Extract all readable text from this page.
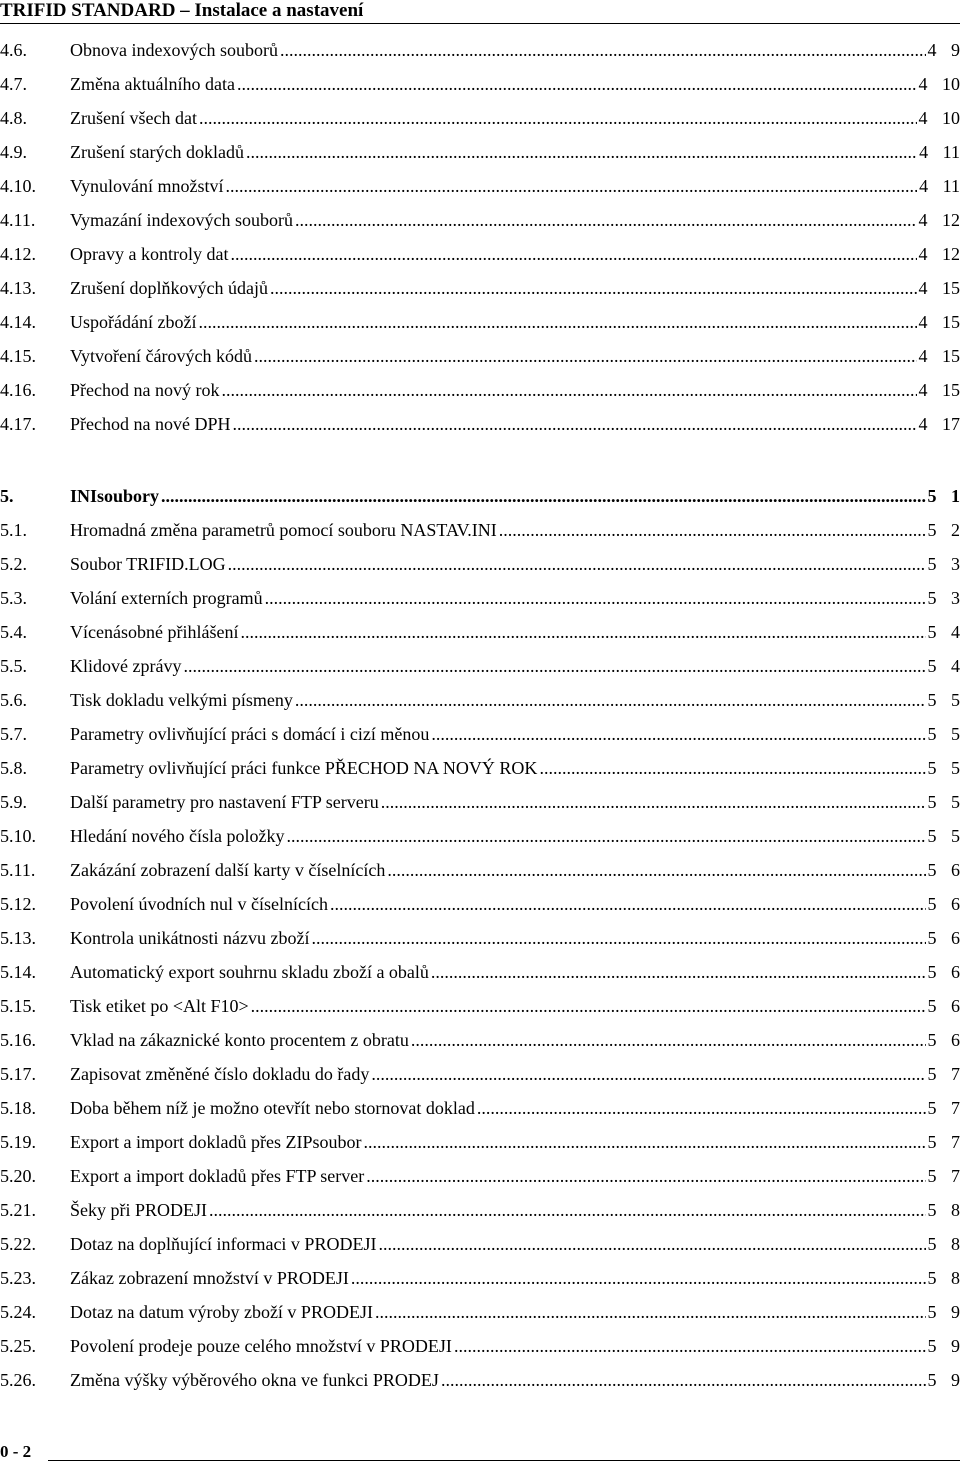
TRIFID STANDARD – Instalace a nastavení
4.6. Obnova indexových souborů .....	4 9
4.7. Změna aktuálního data .....	4 10
4.8. Zrušení všech dat .....	4 10
4.9. Zrušení starých dokladů .....	4 11
4.10. Vynulování množství .....	4 11
4.11. Vymazání indexových souborů .....	4 12
4.12. Opravy a kontroly dat .....	4 12
4.13. Zrušení doplňkových údajů .....	4 15
4.14. Uspořádání zboží .....	4 15
4.15. Vytvoření čárových kódů .....	4 15
4.16. Přechod na nový rok .....	4 15
4.17. Přechod na nové DPH .....	4 17
5.	INIsoubory .....	5 1
5.1. Hromadná změna parametrů pomocí souboru NASTAV.INI .....	5 2
5.2. Soubor TRIFID.LOG .....	5 3
5.3. Volání externích programů .....	5 3
5.4. Vícenásobné přihlášení .....	5 4
5.5. Klidové zprávy .....	5 4
5.6. Tisk dokladu velkými písmeny .....	5 5
5.7. Parametry ovlivňující práci s domácí i cizí měnou .....	5 5
5.8. Parametry ovlivňující práci funkce PŘECHOD NA NOVÝ ROK .....	5 5
5.9. Další parametry pro nastavení FTP serveru .....	5 5
5.10. Hledání nového čísla položky .....	5 5
5.11. Zakázání zobrazení další karty v číselnících .....	5 6
5.12. Povolení úvodních nul v číselnících .....	5 6
5.13. Kontrola unikátnosti názvu zboží .....	5 6
5.14. Automatický export souhrnu skladu zboží a obalů .....	5 6
5.15. Tisk etiket po <Alt F10> .....	5 6
5.16. Vklad na zákaznické konto procentem z obratu .....	5 6
5.17. Zapisovat změněné číslo dokladu do řady .....	5 7
5.18. Doba během níž je možno otevřít nebo stornovat doklad .....	5 7
5.19. Export a import dokladů přes ZIPsoubor .....	5 7
5.20. Export a import dokladů přes FTP server .....	5 7
5.21. Šeky při PRODEJI .....	5 8
5.22. Dotaz na doplňující informaci v PRODEJI .....	5 8
5.23. Zákaz zobrazení množství v PRODEJI .....	5 8
5.24. Dotaz na datum výroby zboží v PRODEJI .....	5 9
5.25. Povolení prodeje pouze celého množství v PRODEJI .....	5 9
5.26. Změna výšky výběrového okna ve funkci PRODEJ .....	5 9
0 - 2
